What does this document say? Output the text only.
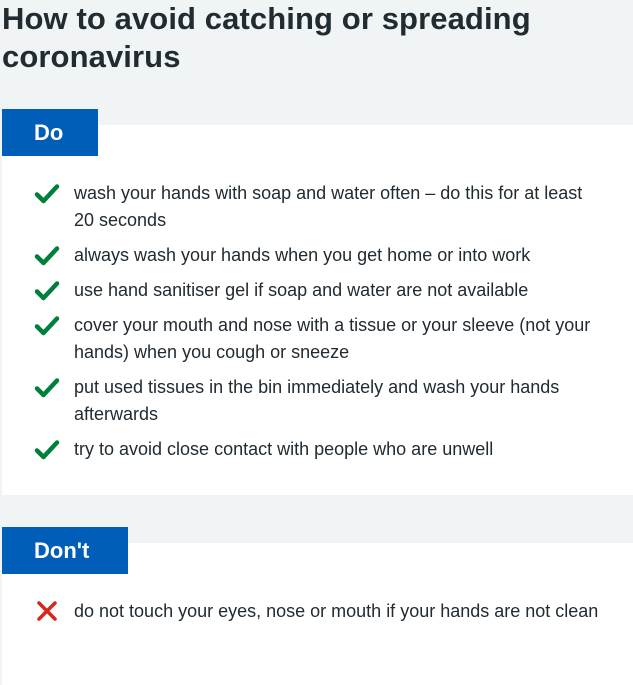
How to avoid catching or spreading coronavirus
wash your hands with soap and water often – do this for at least 20 seconds
always wash your hands when you get home or into work
use hand sanitiser gel if soap and water are not available
cover your mouth and nose with a tissue or your sleeve (not your hands) when you cough or sneeze
put used tissues in the bin immediately and wash your hands afterwards
try to avoid close contact with people who are unwell
Do
do not touch your eyes, nose or mouth if your hands are not clean
Don't
